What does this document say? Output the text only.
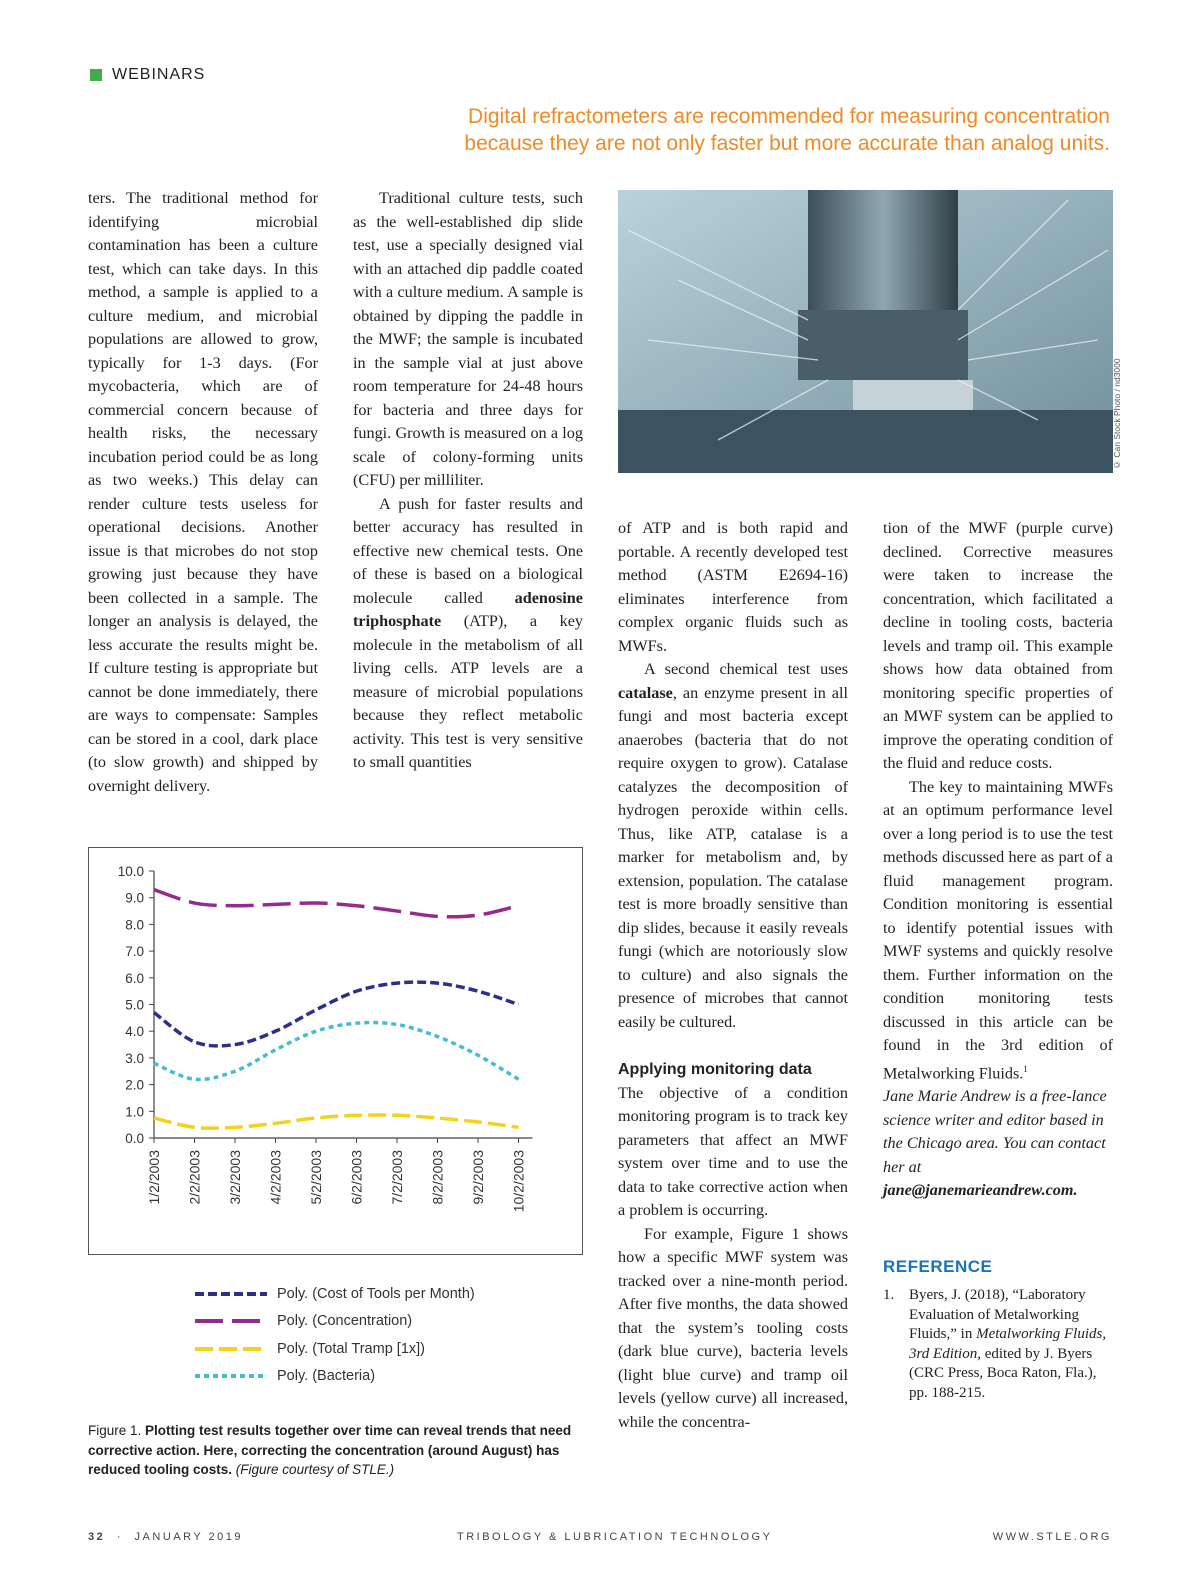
WEBINARS
Digital refractometers are recommended for measuring concentration because they are not only faster but more accurate than analog units.

ters. The traditional method for identifying microbial contamination has been a culture test, which can take days. In this method, a sample is applied to a culture medium, and microbial populations are allowed to grow, typically for 1-3 days. (For mycobacteria, which are of commercial concern because of health risks, the necessary incubation period could be as long as two weeks.) This delay can render culture tests useless for operational decisions. Another issue is that microbes do not stop growing just because they have been collected in a sample. The longer an analysis is delayed, the less accurate the results might be. If culture testing is appropriate but cannot be done immediately, there are ways to compensate: Samples can be stored in a cool, dark place (to slow growth) and shipped by overnight delivery.

Traditional culture tests, such as the well-established dip slide test, use a specially designed vial with an attached dip paddle coated with a culture medium. A sample is obtained by dipping the paddle in the MWF; the sample is incubated in the sample vial at just above room temperature for 24-48 hours for bacteria and three days for fungi. Growth is measured on a log scale of colony-forming units (CFU) per milliliter.

A push for faster results and better accuracy has resulted in effective new chemical tests. One of these is based on a biological molecule called adenosine triphosphate (ATP), a key molecule in the metabolism of all living cells. ATP levels are a measure of microbial populations because they reflect metabolic activity. This test is very sensitive to small quantities

© Can Stock Photo / nd3000

of ATP and is both rapid and portable. A recently developed test method (ASTM E2694-16) eliminates interference from complex organic fluids such as MWFs.

A second chemical test uses catalase, an enzyme present in all fungi and most bacteria except anaerobes (bacteria that do not require oxygen to grow). Catalase catalyzes the decomposition of hydrogen peroxide within cells. Thus, like ATP, catalase is a marker for metabolism and, by extension, population. The catalase test is more broadly sensitive than dip slides, because it easily reveals fungi (which are notoriously slow to culture) and also signals the presence of microbes that cannot easily be cultured.

Applying monitoring data

The objective of a condition monitoring program is to track key parameters that affect an MWF system over time and to use the data to take corrective action when a problem is occurring.

For example, Figure 1 shows how a specific MWF system was tracked over a nine-month period. After five months, the data showed that the system’s tooling costs (dark blue curve), bacteria levels (light blue curve) and tramp oil levels (yellow curve) all increased, while the concentra-

tion of the MWF (purple curve) declined. Corrective measures were taken to increase the concentration, which facilitated a decline in tooling costs, bacteria levels and tramp oil. This example shows how data obtained from monitoring specific properties of an MWF system can be applied to improve the operating condition of the fluid and reduce costs.

The key to maintaining MWFs at an optimum performance level over a long period is to use the test methods discussed here as part of a fluid management program. Condition monitoring is essential to identify potential issues with MWF systems and quickly resolve them. Further information on the condition monitoring tests discussed in this article can be found in the 3rd edition of Metalworking Fluids.$^1$

Jane Marie Andrew is a free-lance science writer and editor based in the Chicago area. You can contact her at jane@janemarieandrew.com.

REFERENCE
1. Byers, J. (2018), “Laboratory Evaluation of Metalworking Fluids,” in Metalworking Fluids, 3rd Edition, edited by J. Byers (CRC Press, Boca Raton, Fla.), pp. 188-215.
0.0
1.0
2.0
3.0
4.0
5.0
6.0
7.0
8.0
9.0
10.0
1/2/2003 2/2/2003 3/2/2003 4/2/2003 5/2/2003 6/2/2003 7/2/2003 8/2/2003 9/2/2003 10/2/2003
Poly. (Cost of Tools per Month)
Poly. (Concentration)
Poly. (Total Tramp [1x])
Poly. (Bacteria)
Figure 1. Plotting test results together over time can reveal trends that need corrective action. Here, correcting the concentration (around August) has reduced tooling costs. (Figure courtesy of STLE.)
32 · JANUARY 2019	TRIBOLOGY & LUBRICATION TECHNOLOGY	WWW.STLE.ORG
